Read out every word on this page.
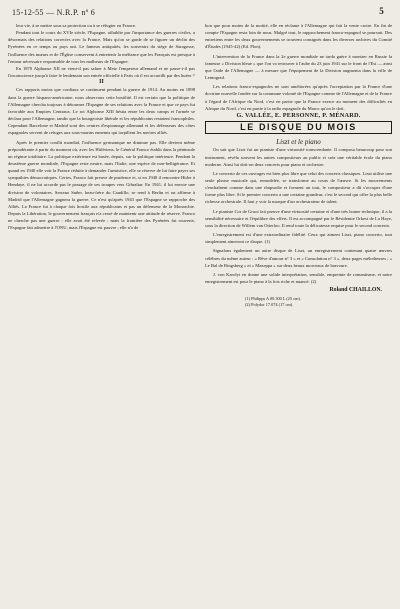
15-12-55 — N.R.P. nº 6	5

leur vie, à se mettre sous sa protection ou à se réfugier en France.

Pendant tout le cours du XVIe siècle, l'Espagne, affaiblie par l'importance des guerres civiles, a désormais des relations correctes avec la France. Mais qu'on se garde de se figurer un déclin des Pyrénées en ce temps ou pays uni. Le fameux antiquités, les souvenirs du siège de Saragosse, l'influence des mœurs et de l'Église conservent à entretenir la méfiance que les Français est presque à l'entour nécessaire responsable de tous les malheurs de l'Espagne.

En 1870 Alphonse XII ne vient-il pas saluer à Metz l'empereur allemand et ne passe-t-il pas l'inconscience jusqu'à faire le lendemain son entrée officielle à Paris où il est accueilli par des huées ?

II

Ces rapports moins que cordiaux se continuent pendant la guerre de 1914. Au moins en 1898 dans la guerre hispano-américaine, nous observons cette hostilité. Il est certain que la politique de l'Allemagne chercha toujours à détourner l'Espagne de ses relations avec la France et que ce pays fut favorable aux Empires Centraux. Le roi Alphonse XIII hésita entre les deux camps et l'armée se déclara pour l'Allemagne, tandis que la bourgeoisie libérale et les républicains restaient francophiles. Cependant Barcelone et Madrid sont des centres d'espionnage allemand et les défenseurs des côtes espagnoles servent de refuges aux sous-marins ennemis qui torpillent les navires alliés.

Après le premier conflit mondial, l'influence germanique ne diminue pas. Elle devient même prépondérante à partir du moment où, avec les Hitlériens, le Général Franco établit dans la péninsule un régime totalitaire. La politique extérieure est basée, depuis, sur la politique intérieure. Pendant la deuxième guerre mondiale, l'Espagne reste neutre, mais l'Italie, une espèce de non-belligérance. Et quand en 1940 elle voit la France réduite à demander l'armistice, elle se réserve de lui faire payer ses sympathies démocratiques. Certes, Franco fait preuve de prudence et, si en 1940 il rencontre Hitler à Hendaye, il ne lui accorde pas le passage de ses troupes vers Gibraltar. En 1941, il lui envoie une division de volontaires. Serrano Suñer, beau-frère du Caudillo, se rend à Berlin et on affirme à Madrid que l'Allemagne gagnera la guerre. Ce n'est qu'après 1943 que l'Espagne se rapproche des Alliés. La France fut à chaque fois hostile aux républicains et pas un défenseur de la Monarchie. Depuis la Libération, le gouvernement français n'a cessé de maintenir une attitude de réserve. Franco ne cherche pas une guerre : elle avait été relevée ; mais la frontière des Pyrénées fut rouverte, l'Espagne fait admettre à l'ONU, mais l'Espagne est pauvre ; elle n'a de

bon que pour moins de la moitié, elle en réclame à l'Allemagne qui fait la vente croire. En fin de compte l'Espagne resta loin de nous. Malgré tout, le rapprochement franco-espagnol se poursuit. Des entretiens entre les deux gouvernements se trouvent consignés dans les diverses archives du Comité d'Études (1945-42) (Ed. Plon).

L'intervention de la France dans la 2e guerre mondiale ne tarda guère à montrer en Russie la fameuse « Division bleue » que l'on va retrouver à l'aube du 23 juin 1941 sur le front de l'Est — ainsi que l'aide de l'Allemagne — à mesure que l'équipement de la Division augmenta dans la ville de Leningrad.

Les relations franco-espagnoles ne sont améliorées qu'après l'acceptation par la France d'une doctrine nouvelle fondée sur la commune volonté de l'Espagne comme de l'Allemagne et de la France à l'égard de l'Afrique du Nord, c'est en partie que la France exerce au moment des difficultés en Afrique du Nord, c'est en partie à la radio espagnole du Maroc qu'on le doit.

G. VALLÉE, E. PERSONNE, P. MÉNARD.

LE DISQUE DU MOIS

Liszt et le piano

On sait que Liszt fut un pianiste d'une virtuosité transcendante. Il composa beaucoup pour son instrument, révéla souvent les autres compositeurs au public et créa une véritable école du piano moderne. Ainsi lui doit-on deux concerts pour piano et orchestre.

Le concerto de ces ouvrages est bien plus libre que celui des concerts classiques. Liszt utilise une seule phrase musicale qui, remodelée, se transforme au cours de l'œuvre. Si les mouvements s'enchaînent comme dans une rhapsodie et forment un tout, le compositeur a dû s'occuper d'une forme plus libre. Si le premier concerto a une certaine grandeur, c'est le second qui offre la plus belle richesse orchestrale. Il faut y voir la marque d'un orchestrateur de talent.

Le pianiste Cor de Groot fait preuve d'une virtuosité certaine et d'une très bonne technique, il a la sensibilité nécessaire et l'équilibre des effets. Il est accompagné par le Résidentie Orkest de La Haye, sous la direction de Willem van Otterloo. Il rend toute la délicatesse requise pour le second concerto.

L'enregistrement est d'une extraordinaire fidélité. Ceux qui aiment Liszt, piano concerto, tout simplement aimeront ce disque. (1)

Signalons également un autre disque de Liszt, un enregistrement contenant quatre œuvres célèbres du même auteur : « Rêve d'amour n° 3 » et « Consolation n° 3 », deux pages mélodieuses ; « Le Bal de Ringsberg » et « Mazeppa » sur deux beaux morceaux de bravoure.

J. von Karolyi en donne une solide interprétation, sensible, empreinte de romantisme, et notre enregistrement est pour le piano à la fois riche et nuancé. (2)

Roland CHAILLON.
(1) Philipps A 00.300 L (25 cm).
(2) Polydor 17.074 (17 cm).
